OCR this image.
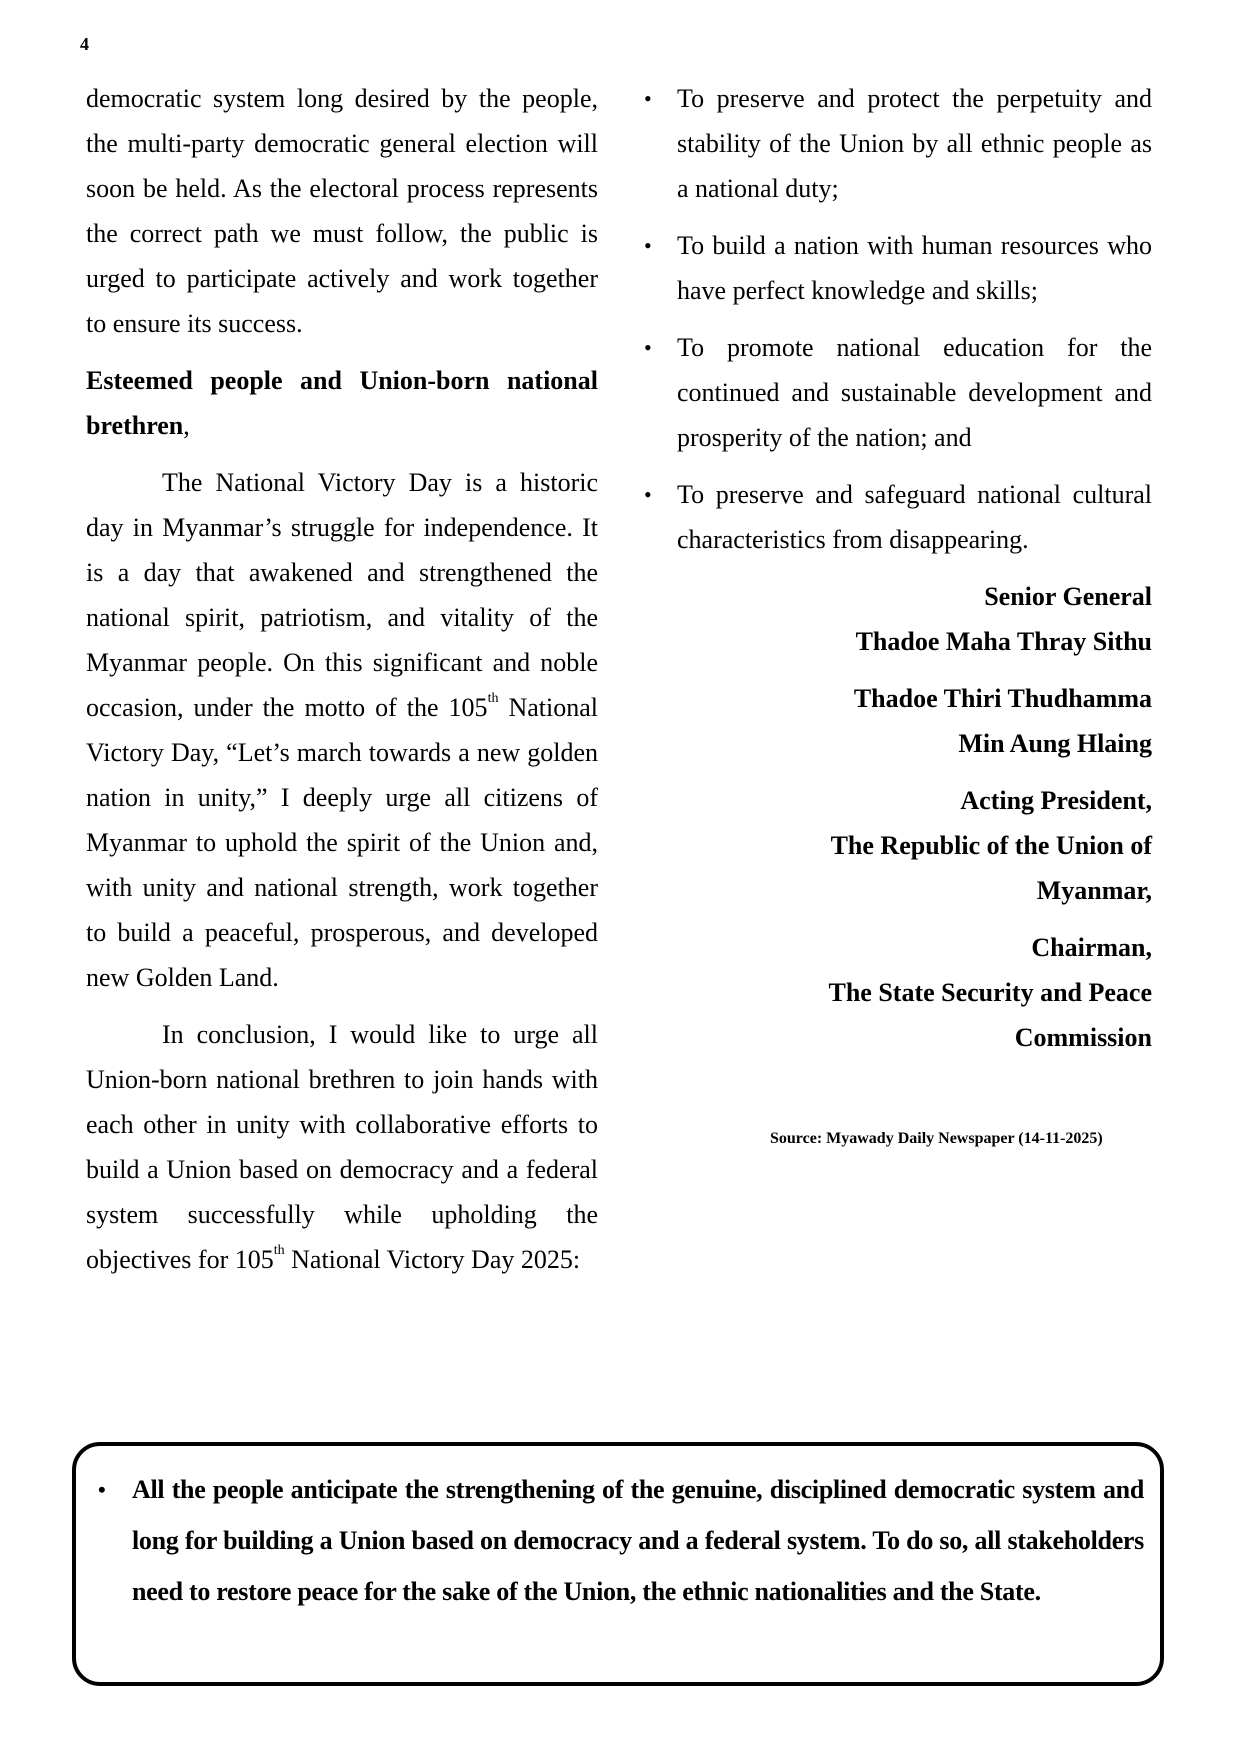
4

democratic system long desired by the people, the multi-party democratic general election will soon be held. As the electoral process represents the correct path we must follow, the public is urged to participate actively and work together to ensure its success.

Esteemed people and Union-born national brethren,

The National Victory Day is a historic day in Myanmar’s struggle for independence. It is a day that awakened and strengthened the national spirit, patriotism, and vitality of the Myanmar people. On this significant and noble occasion, under the motto of the 105th National Victory Day, “Let’s march towards a new golden nation in unity,” I deeply urge all citizens of Myanmar to uphold the spirit of the Union and, with unity and national strength, work together to build a peaceful, prosperous, and developed new Golden Land.

In conclusion, I would like to urge all Union-born national brethren to join hands with each other in unity with collaborative efforts to build a Union based on democracy and a federal system successfully while upholding the objectives for 105th National Victory Day 2025:

• To preserve and protect the perpetuity and stability of the Union by all ethnic people as a national duty;
• To build a nation with human resources who have perfect knowledge and skills;
• To promote national education for the continued and sustainable development and prosperity of the nation; and
• To preserve and safeguard national cultural characteristics from disappearing.
Senior General
Thadoe Maha Thray Sithu
Thadoe Thiri Thudhamma
Min Aung Hlaing
Acting President,
The Republic of the Union of
Myanmar,
Chairman,
The State Security and Peace
Commission
Source: Myawady Daily Newspaper (14-11-2025)
• All the people anticipate the strengthening of the genuine, disciplined democratic system and long for building a Union based on democracy and a federal system. To do so, all stakeholders need to restore peace for the sake of the Union, the ethnic nationalities and the State.
